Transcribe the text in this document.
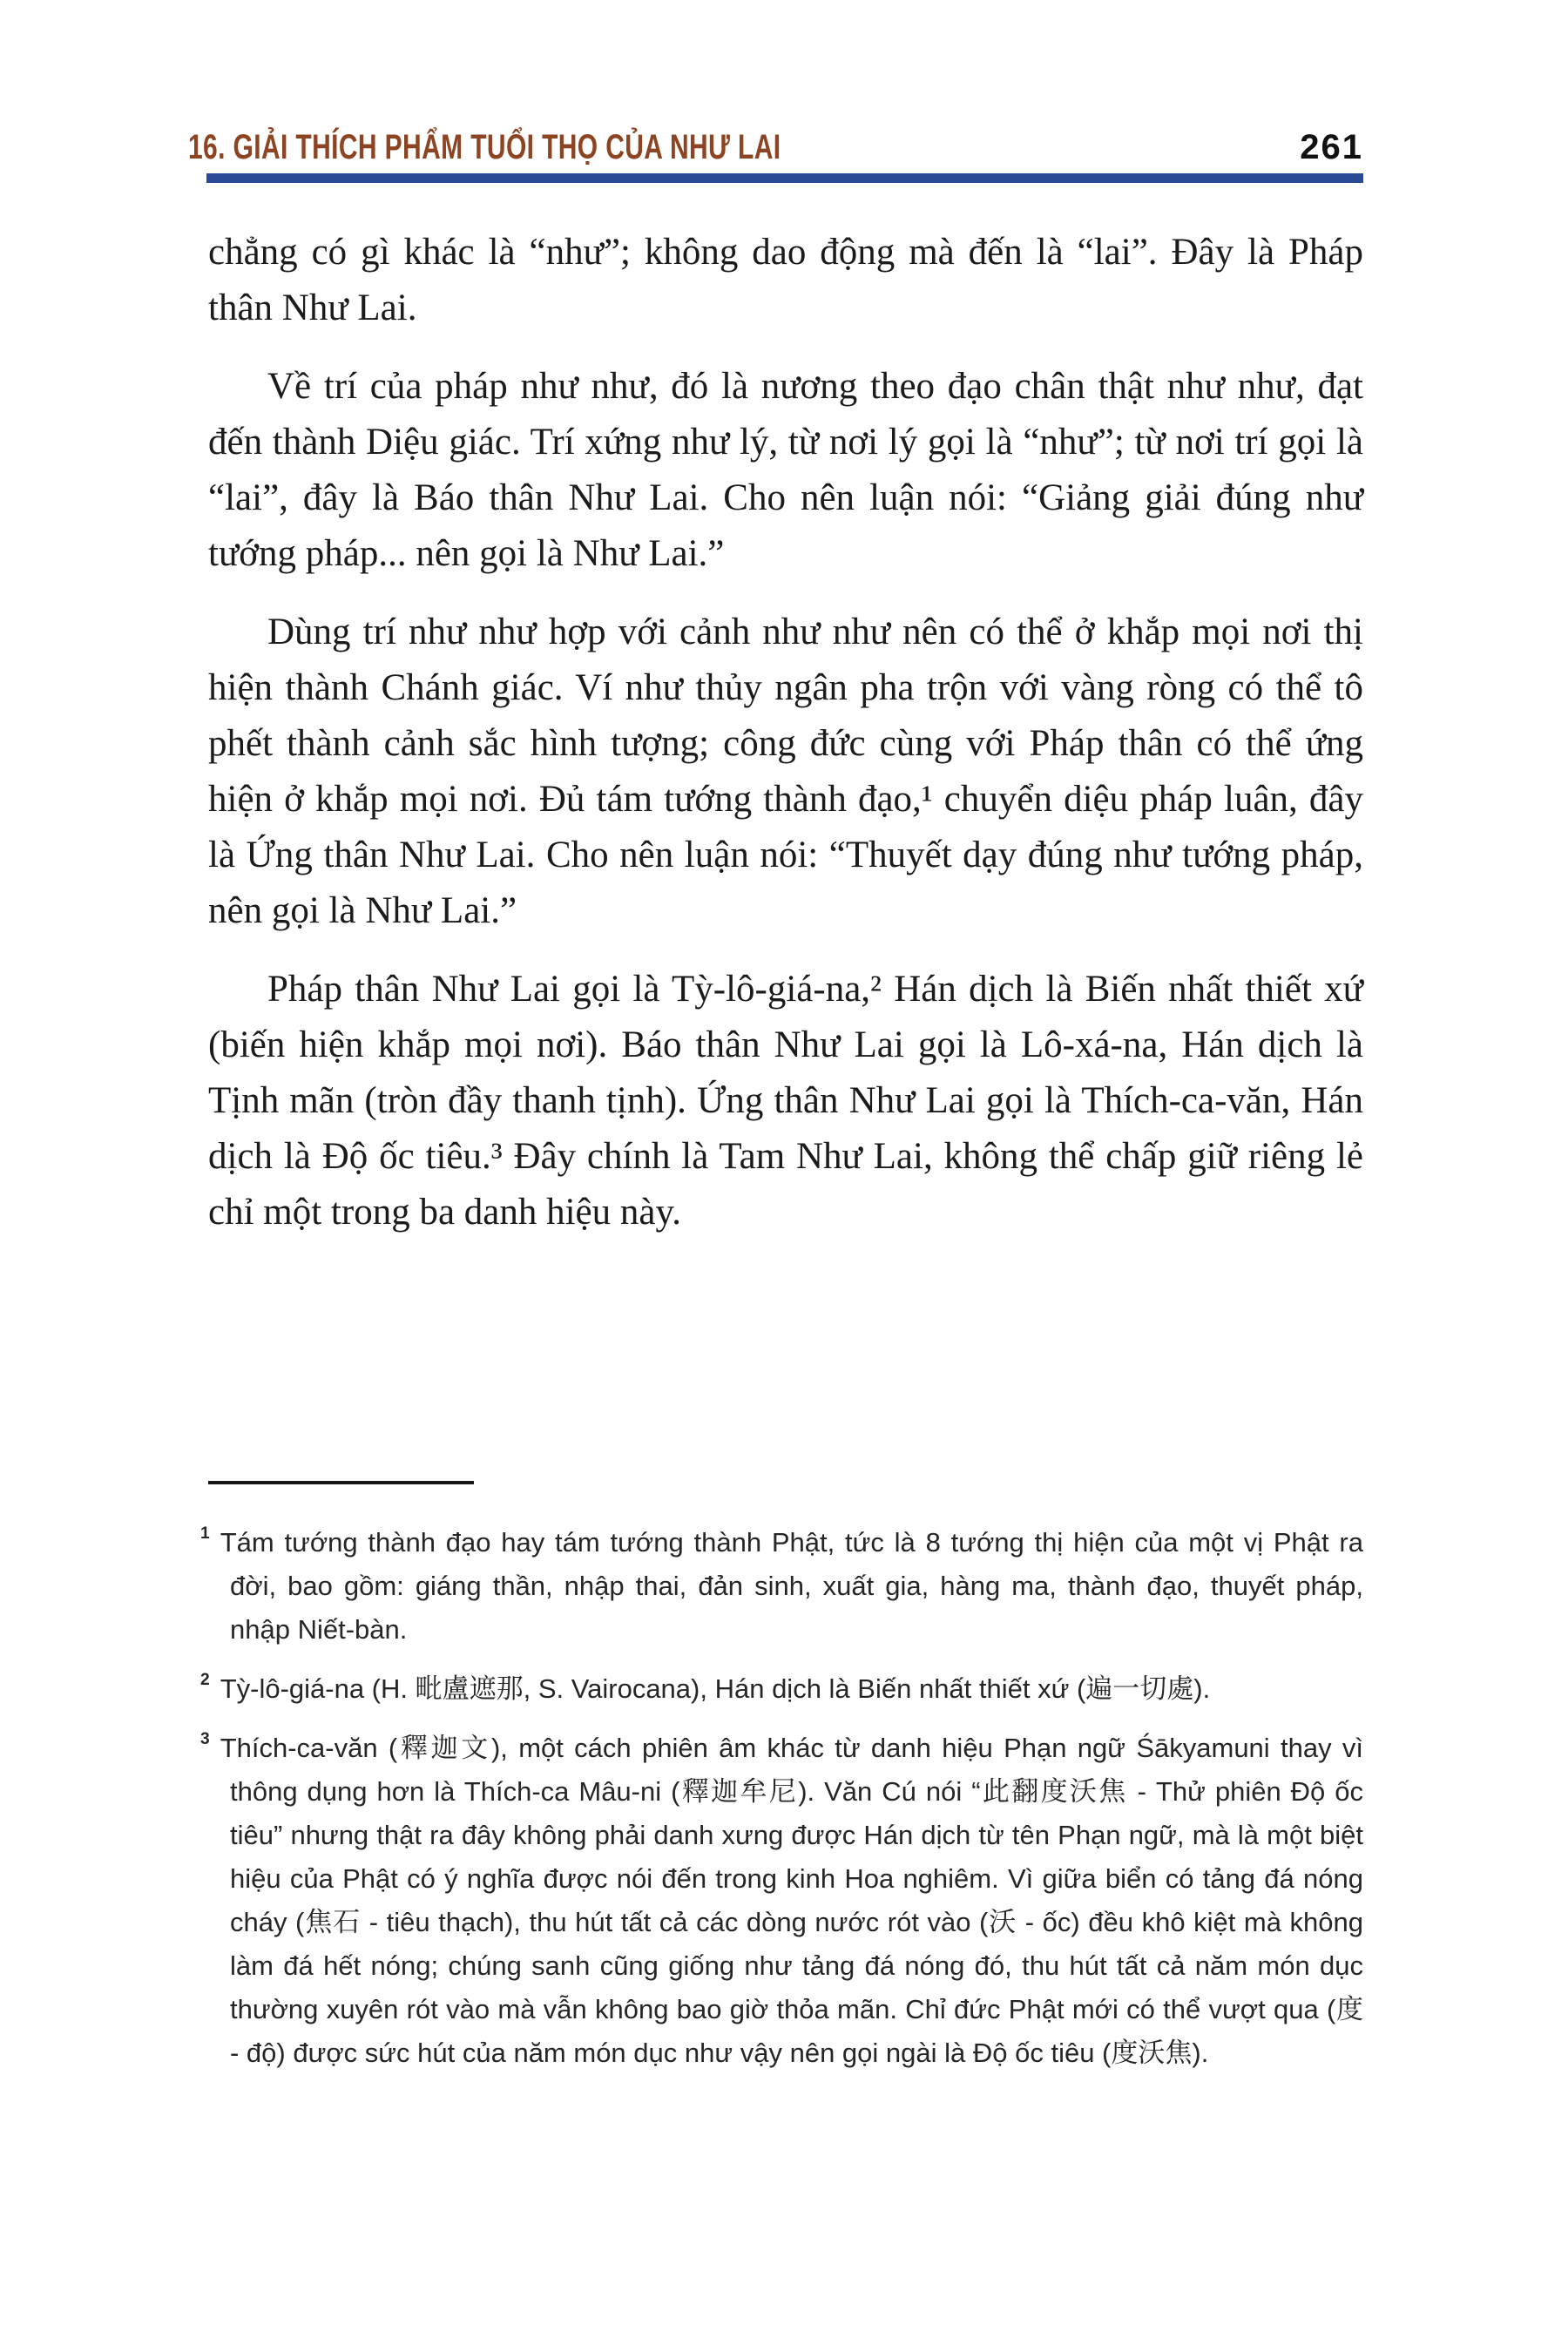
16. GIẢI THÍCH PHẨM TUỔI THỌ CỦA NHƯ LAI	261

chẳng có gì khác là “như”; không dao động mà đến là “lai”. Đây là Pháp thân Như Lai.

Về trí của pháp như như, đó là nương theo đạo chân thật như như, đạt đến thành Diệu giác. Trí xứng như lý, từ nơi lý gọi là “như”; từ nơi trí gọi là “lai”, đây là Báo thân Như Lai. Cho nên luận nói: “Giảng giải đúng như tướng pháp... nên gọi là Như Lai.”

Dùng trí như như hợp với cảnh như như nên có thể ở khắp mọi nơi thị hiện thành Chánh giác. Ví như thủy ngân pha trộn với vàng ròng có thể tô phết thành cảnh sắc hình tượng; công đức cùng với Pháp thân có thể ứng hiện ở khắp mọi nơi. Đủ tám tướng thành đạo,¹ chuyển diệu pháp luân, đây là Ứng thân Như Lai. Cho nên luận nói: “Thuyết dạy đúng như tướng pháp, nên gọi là Như Lai.”

Pháp thân Như Lai gọi là Tỳ-lô-giá-na,² Hán dịch là Biến nhất thiết xứ (biến hiện khắp mọi nơi). Báo thân Như Lai gọi là Lô-xá-na, Hán dịch là Tịnh mãn (tròn đầy thanh tịnh). Ứng thân Như Lai gọi là Thích-ca-văn, Hán dịch là Độ ốc tiêu.³ Đây chính là Tam Như Lai, không thể chấp giữ riêng lẻ chỉ một trong ba danh hiệu này.

$^1$ Tám tướng thành đạo hay tám tướng thành Phật, tức là 8 tướng thị hiện của một vị Phật ra đời, bao gồm: giáng thần, nhập thai, đản sinh, xuất gia, hàng ma, thành đạo, thuyết pháp, nhập Niết-bàn.

$^2$ Tỳ-lô-giá-na (H. 毗盧遮那, S. Vairocana), Hán dịch là Biến nhất thiết xứ (遍一切處).

$^3$ Thích-ca-văn (釋迦文), một cách phiên âm khác từ danh hiệu Phạn ngữ Śākyamuni thay vì thông dụng hơn là Thích-ca Mâu-ni (釋迦牟尼). Văn Cú nói “此翻度沃焦 - Thử phiên Độ ốc tiêu” nhưng thật ra đây không phải danh xưng được Hán dịch từ tên Phạn ngữ, mà là một biệt hiệu của Phật có ý nghĩa được nói đến trong kinh Hoa nghiêm. Vì giữa biển có tảng đá nóng cháy (焦石 - tiêu thạch), thu hút tất cả các dòng nước rót vào (沃 - ốc) đều khô kiệt mà không làm đá hết nóng; chúng sanh cũng giống như tảng đá nóng đó, thu hút tất cả năm món dục thường xuyên rót vào mà vẫn không bao giờ thỏa mãn. Chỉ đức Phật mới có thể vượt qua (度 - độ) được sức hút của năm món dục như vậy nên gọi ngài là Độ ốc tiêu (度沃焦).
